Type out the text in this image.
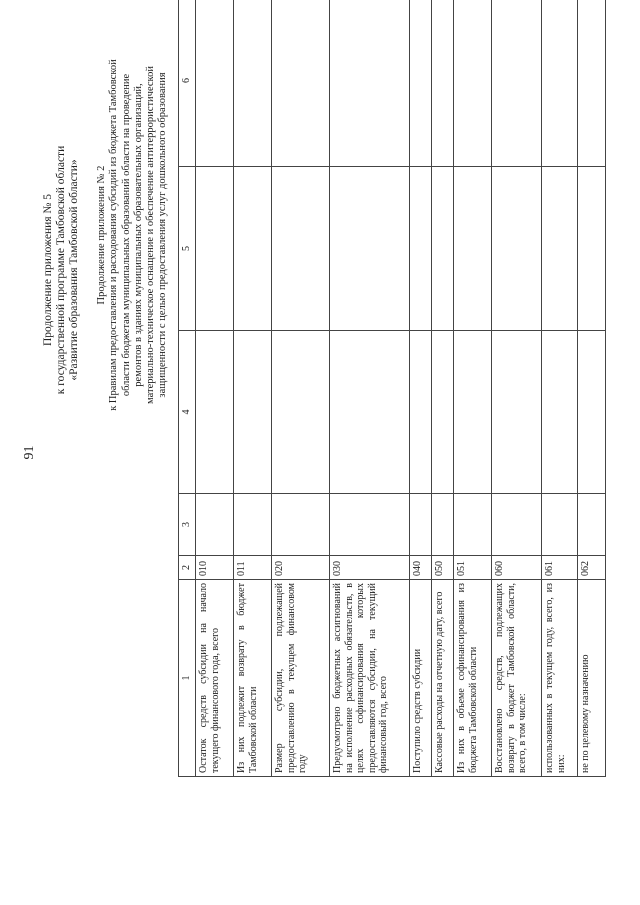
91
Продолжение приложения № 5 к государственной программе Тамбовской области «Развитие образования Тамбовской области» Продолжение приложения № 2 к Правилам предоставления и расходования субсидий из бюджета Тамбовской области бюджетам муниципальных образований области на проведение ремонтов в зданиях муниципальных образовательных организаций, материально-техническое оснащение и обеспечение антитеррористической защищенности с целью предоставления услуг дошкольного образования
1	2	3	4	5	6
Остаток средств субсидии на начало текущего финансового года, всего	010				
Из них подлежит возврату в бюджет Тамбовской области	011				
Размер субсидии, подлежащей предоставлению в текущем финансовом году	020				
Предусмотрено бюджетных ассигнований на исполнение расходных обязательств, в целях софинансирования которых предоставляются субсидии, на текущий финансовый год, всего	030				
Поступило средств субсидии	040				
Кассовые расходы на отчетную дату, всего	050				
Из них в объеме софинансирования из бюджета Тамбовской области	051				
Восстановлено средств, подлежащих возврату в бюджет Тамбовской области, всего, в том числе:	060				
использованных в текущем году, всего, из них:	061				
не по целевому назначению	062				
